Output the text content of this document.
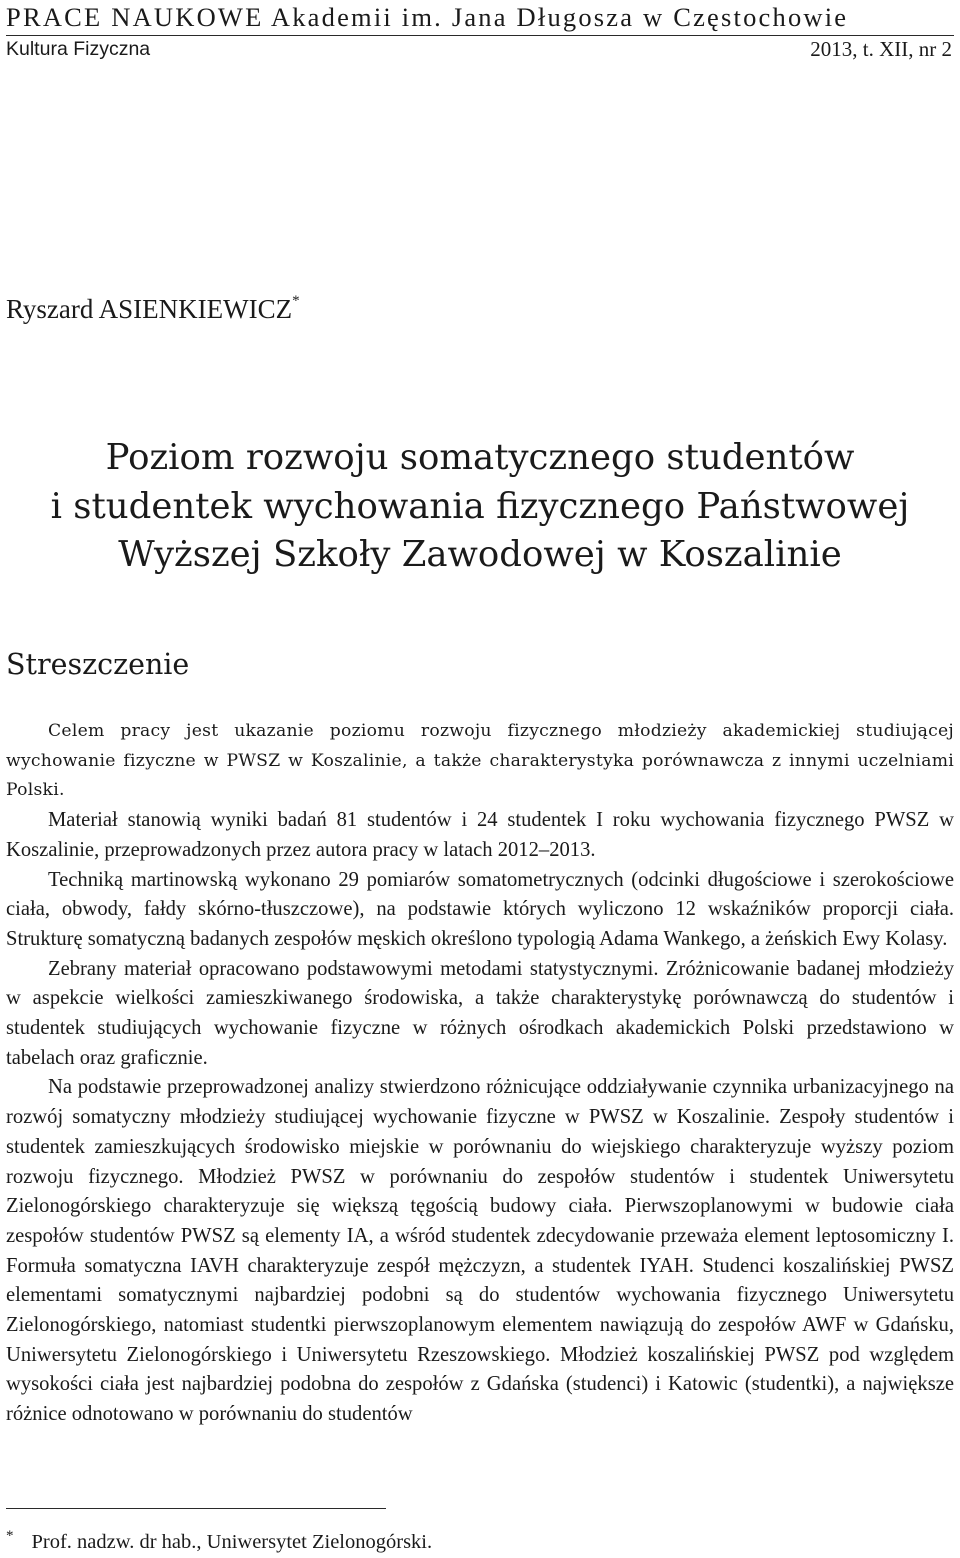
PRACE NAUKOWE Akademii im. Jana Długosza w Częstochowie
Kultura Fizyczna	2013, t. XII, nr 2
Ryszard ASIENKIEWICZ*
Poziom rozwoju somatycznego studentów
i studentek wychowania fizycznego Państwowej
Wyższej Szkoły Zawodowej w Koszalinie
Streszczenie

Celem pracy jest ukazanie poziomu rozwoju fizycznego młodzieży akademickiej studiującej wychowanie fizyczne w PWSZ w Koszalinie, a także charakterystyka porównawcza z innymi uczelniami Polski.

Materiał stanowią wyniki badań 81 studentów i 24 studentek I roku wychowania fizycznego PWSZ w Koszalinie, przeprowadzonych przez autora pracy w latach 2012–2013.

Techniką martinowską wykonano 29 pomiarów somatometrycznych (odcinki długościowe i szerokościowe ciała, obwody, fałdy skórno-tłuszczowe), na podstawie których wyliczono 12 wskaźników proporcji ciała. Strukturę somatyczną badanych zespołów męskich określono typologią Adama Wankego, a żeńskich Ewy Kolasy.

Zebrany materiał opracowano podstawowymi metodami statystycznymi. Zróżnicowanie badanej młodzieży w aspekcie wielkości zamieszkiwanego środowiska, a także charakterystykę porównawczą do studentów i studentek studiujących wychowanie fizyczne w różnych ośrodkach akademickich Polski przedstawiono w tabelach oraz graficznie.

Na podstawie przeprowadzonej analizy stwierdzono różnicujące oddziaływanie czynnika urbanizacyjnego na rozwój somatyczny młodzieży studiującej wychowanie fizyczne w PWSZ w Koszalinie. Zespoły studentów i studentek zamieszkujących środowisko miejskie w porównaniu do wiejskiego charakteryzuje wyższy poziom rozwoju fizycznego. Młodzież PWSZ w porównaniu do zespołów studentów i studentek Uniwersytetu Zielonogórskiego charakteryzuje się większą tęgością budowy ciała. Pierwszoplanowymi w budowie ciała zespołów studentów PWSZ są elementy IA, a wśród studentek zdecydowanie przeważa element leptosomiczny I. Formuła somatyczna IAVH charakteryzuje zespół mężczyzn, a studentek IYAH. Studenci koszalińskiej PWSZ elementami somatycznymi najbardziej podobni są do studentów wychowania fizycznego Uniwersytetu Zielonogórskiego, natomiast studentki pierwszoplanowym elementem nawiązują do zespołów AWF w Gdańsku, Uniwersytetu Zielonogórskiego i Uniwersytetu Rzeszowskiego. Młodzież koszalińskiej PWSZ pod względem wysokości ciała jest najbardziej podobna do zespołów z Gdańska (studenci) i Katowic (studentki), a największe różnice odnotowano w porównaniu do studentów

* Prof. nadzw. dr hab., Uniwersytet Zielonogórski.
